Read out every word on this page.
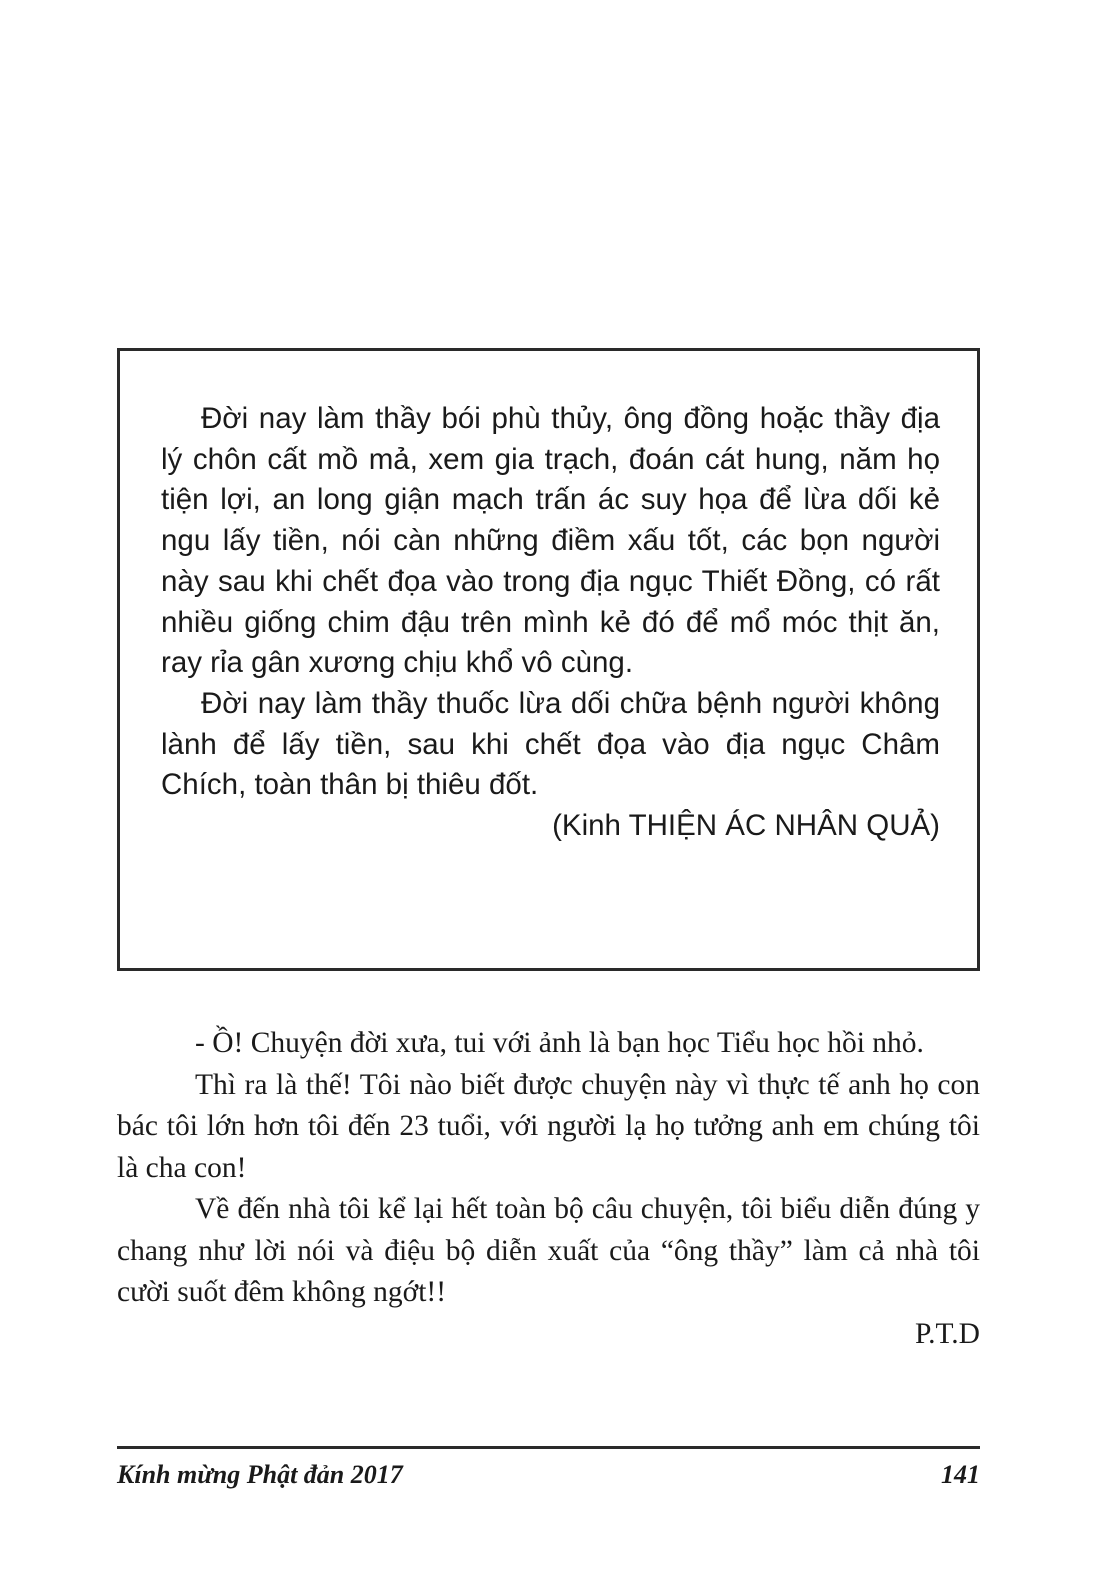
Đời nay làm thầy bói phù thủy, ông đồng hoặc thầy địa lý chôn cất mồ mả, xem gia trạch, đoán cát hung, năm họ tiện lợi, an long giận mạch trấn ác suy họa để lừa dối kẻ ngu lấy tiền, nói càn những điềm xấu tốt, các bọn người này sau khi chết đọa vào trong địa ngục Thiết Đồng, có rất nhiều giống chim đậu trên mình kẻ đó để mổ móc thịt ăn, ray rỉa gân xương chịu khổ vô cùng.

Đời nay làm thầy thuốc lừa dối chữa bệnh người không lành để lấy tiền, sau khi chết đọa vào địa ngục Châm Chích, toàn thân bị thiêu đốt.

(Kinh THIỆN ÁC NHÂN QUẢ)

- Ồ! Chuyện đời xưa, tui với ảnh là bạn học Tiểu học hồi nhỏ.

Thì ra là thế! Tôi nào biết được chuyện này vì thực tế anh họ con bác tôi lớn hơn tôi đến 23 tuổi, với người lạ họ tưởng anh em chúng tôi là cha con!

Về đến nhà tôi kể lại hết toàn bộ câu chuyện, tôi biểu diễn đúng y chang như lời nói và điệu bộ diễn xuất của “ông thầy” làm cả nhà tôi cười suốt đêm không ngớt!!

P.T.D

Kính mừng Phật đản 2017	141
